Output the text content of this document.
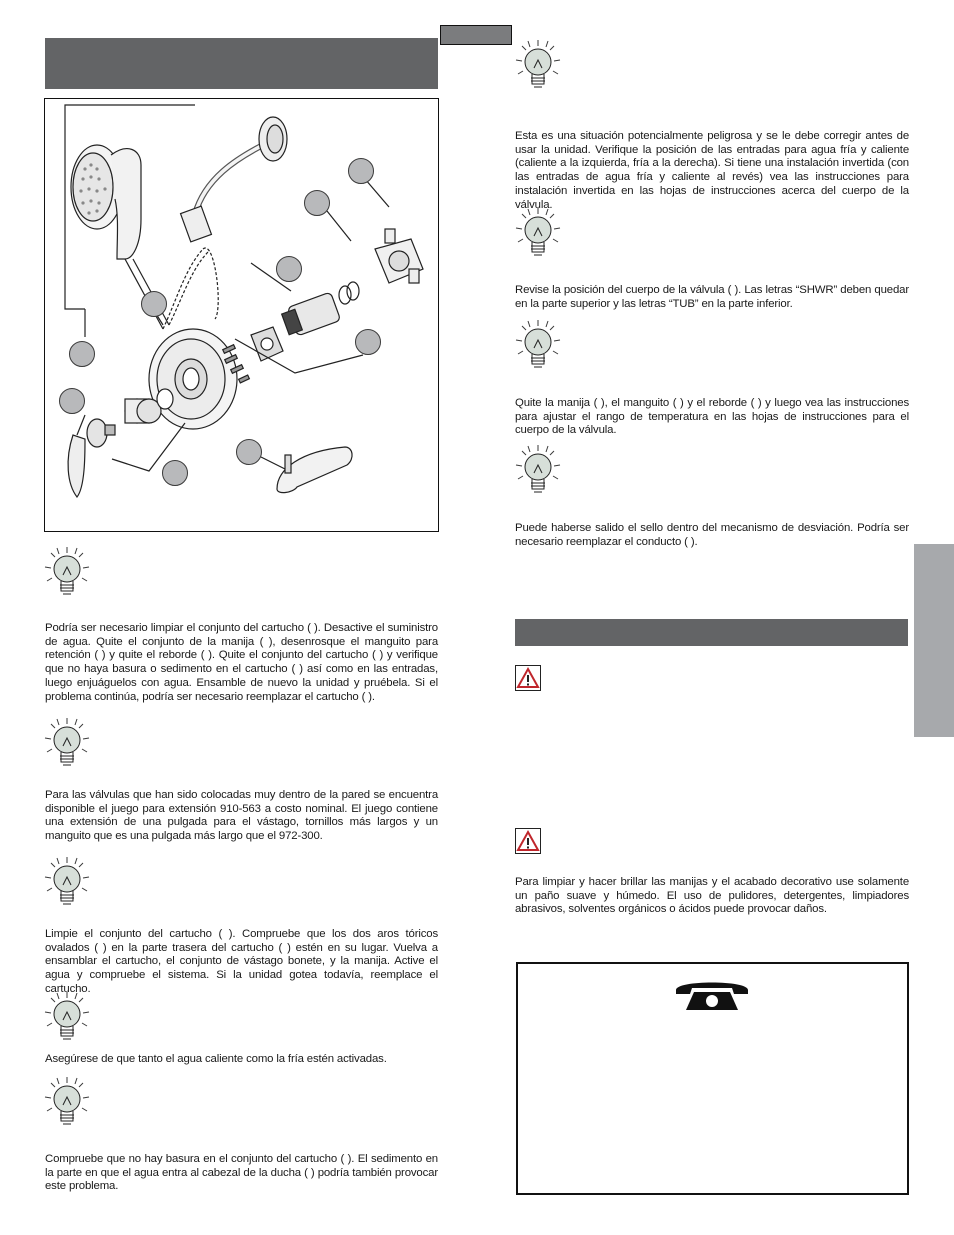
Podría ser necesario limpiar el conjunto del cartucho ( ). Desactive el suministro de agua. Quite el conjunto de la manija ( ), desenrosque el manguito para retención ( ) y quite el reborde ( ). Quite el conjunto del cartucho ( ) y verifique que no haya basura o sedimento en el cartucho ( ) así como en las entradas, luego enjuáguelos con agua. Ensamble de nuevo la unidad y pruébela. Si el problema continúa, podría ser necesario reemplazar el cartucho ( ).
Para las válvulas que han sido colocadas muy dentro de la pared se encuentra disponible el juego para extensión 910-563 a costo nominal. El juego contiene una extensión de una pulgada para el vástago, tornillos más largos y un manguito que es una pulgada más largo que el 972-300.
Limpie el conjunto del cartucho ( ). Compruebe que los dos aros tóricos ovalados ( ) en la parte trasera del cartucho ( ) estén en su lugar. Vuelva a ensamblar el cartucho, el conjunto de vástago bonete, y la manija. Active el agua y compruebe el sistema. Si la unidad gotea todavía, reemplace el cartucho.
Asegúrese de que tanto el agua caliente como la fría estén activadas.
Compruebe que no hay basura en el conjunto del cartucho ( ). El sedimento en la parte en que el agua entra al cabezal de la ducha ( ) podría también provocar este problema.
Esta es una situación potencialmente peligrosa y se le debe corregir antes de usar la unidad. Verifique la posición de las entradas para agua fría y caliente (caliente a la izquierda, fría a la derecha). Si tiene una instalación invertida (con las entradas de agua fría y caliente al revés) vea las instrucciones para instalación invertida en las hojas de instrucciones acerca del cuerpo de la válvula.
Revise la posición del cuerpo de la válvula ( ). Las letras “SHWR” deben quedar en la parte superior y las letras “TUB” en la parte inferior.
Quite la manija ( ), el manguito ( ) y el reborde ( ) y luego vea las instrucciones para ajustar el rango de temperatura en las hojas de instrucciones para el cuerpo de la válvula.
Puede haberse salido el sello dentro del mecanismo de desviación. Podría ser necesario reemplazar el conducto ( ).
Para limpiar y hacer brillar las manijas y el acabado decorativo use solamente un paño suave y húmedo. El uso de pulidores, detergentes, limpiadores abrasivos, solventes orgánicos o ácidos puede provocar daños.
